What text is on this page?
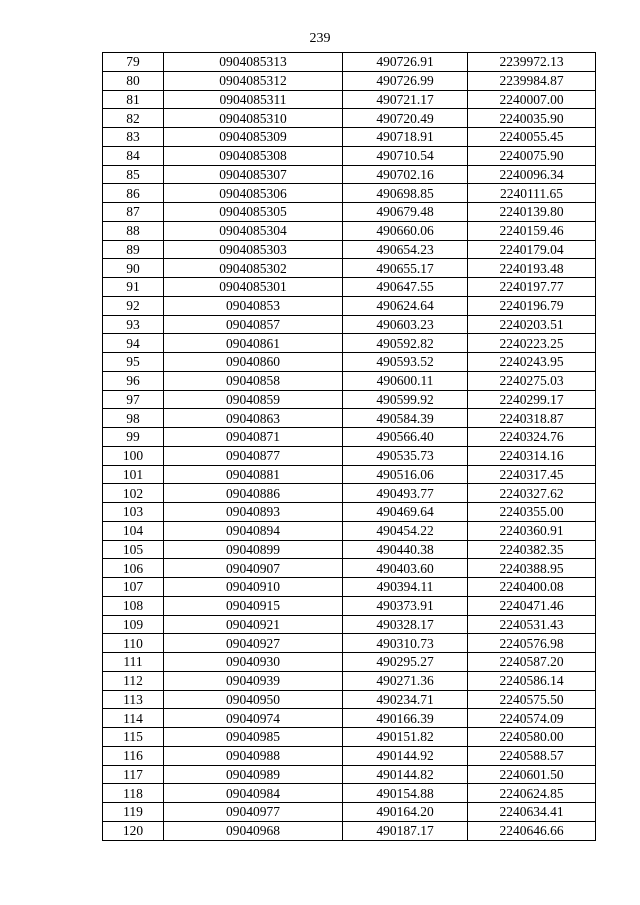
239
79	0904085313	490726.91	2239972.13
80	0904085312	490726.99	2239984.87
81	0904085311	490721.17	2240007.00
82	0904085310	490720.49	2240035.90
83	0904085309	490718.91	2240055.45
84	0904085308	490710.54	2240075.90
85	0904085307	490702.16	2240096.34
86	0904085306	490698.85	2240111.65
87	0904085305	490679.48	2240139.80
88	0904085304	490660.06	2240159.46
89	0904085303	490654.23	2240179.04
90	0904085302	490655.17	2240193.48
91	0904085301	490647.55	2240197.77
92	09040853	490624.64	2240196.79
93	09040857	490603.23	2240203.51
94	09040861	490592.82	2240223.25
95	09040860	490593.52	2240243.95
96	09040858	490600.11	2240275.03
97	09040859	490599.92	2240299.17
98	09040863	490584.39	2240318.87
99	09040871	490566.40	2240324.76
100	09040877	490535.73	2240314.16
101	09040881	490516.06	2240317.45
102	09040886	490493.77	2240327.62
103	09040893	490469.64	2240355.00
104	09040894	490454.22	2240360.91
105	09040899	490440.38	2240382.35
106	09040907	490403.60	2240388.95
107	09040910	490394.11	2240400.08
108	09040915	490373.91	2240471.46
109	09040921	490328.17	2240531.43
110	09040927	490310.73	2240576.98
111	09040930	490295.27	2240587.20
112	09040939	490271.36	2240586.14
113	09040950	490234.71	2240575.50
114	09040974	490166.39	2240574.09
115	09040985	490151.82	2240580.00
116	09040988	490144.92	2240588.57
117	09040989	490144.82	2240601.50
118	09040984	490154.88	2240624.85
119	09040977	490164.20	2240634.41
120	09040968	490187.17	2240646.66
